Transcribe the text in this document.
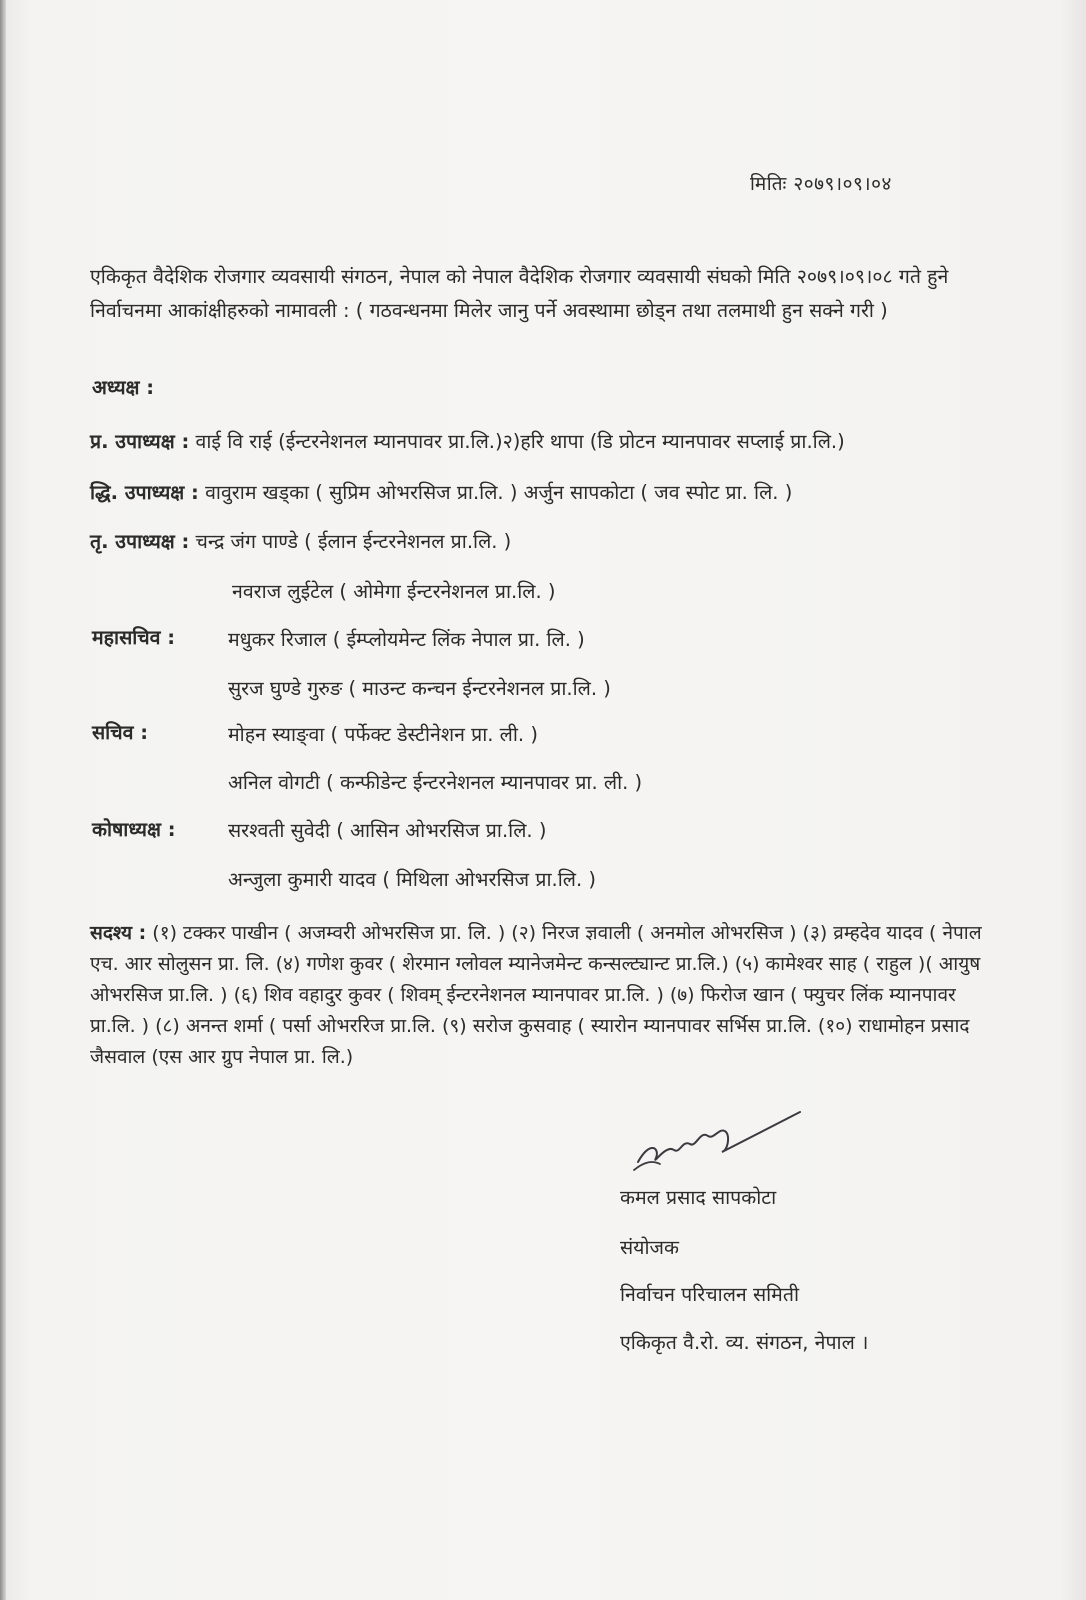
मितिः २०७९।०९।०४
एकिकृत वैदेशिक रोजगार व्यवसायी संगठन, नेपाल को नेपाल वैदेशिक रोजगार व्यवसायी संघको मिति २०७९।०९।०८ गते हुने निर्वाचनमा आकांक्षीहरुको नामावली : ( गठवन्धनमा मिलेर जानु पर्ने अवस्थामा छोड्न तथा तलमाथी हुन सक्ने गरी )
अध्यक्ष :
प्र. उपाध्यक्ष : वाई वि राई (ईन्टरनेशनल म्यानपावर प्रा.लि.)२)हरि थापा (डि प्रोटन म्यानपावर सप्लाई प्रा.लि.)
द्धि. उपाध्यक्ष : वावुराम खड्का ( सुप्रिम ओभरसिज प्रा.लि. ) अर्जुन सापकोटा ( जव स्पोट प्रा. लि. )
तृ. उपाध्यक्ष : चन्द्र जंग पाण्डे ( ईलान ईन्टरनेशनल प्रा.लि. )
नवराज लुईटेल ( ओमेगा ईन्टरनेशनल प्रा.लि. )
महासचिव :	मधुकर रिजाल ( ईम्प्लोयमेन्ट लिंक नेपाल प्रा. लि. )
सुरज घुण्डे गुरुङ ( माउन्ट कन्चन ईन्टरनेशनल प्रा.लि. )
सचिव :	मोहन स्याङ्वा ( पर्फेक्ट डेस्टीनेशन प्रा. ली. )
अनिल वोगटी ( कन्फीडेन्ट ईन्टरनेशनल म्यानपावर प्रा. ली. )
कोषाध्यक्ष :	सरश्वती सुवेदी ( आसिन ओभरसिज प्रा.लि. )
अन्जुला कुमारी यादव ( मिथिला ओभरसिज प्रा.लि. )
सदश्य : (१) टक्कर पाखीन ( अजम्वरी ओभरसिज प्रा. लि. ) (२) निरज ज्ञवाली ( अनमोल ओभरसिज ) (३) व्रम्हदेव यादव ( नेपाल एच. आर सोलुसन प्रा. लि. (४) गणेश कुवर ( शेरमान ग्लोवल म्यानेजमेन्ट कन्सल्ट्यान्ट प्रा.लि.) (५) कामेश्वर साह ( राहुल )( आयुष ओभरसिज प्रा.लि. ) (६) शिव वहादुर कुवर ( शिवम् ईन्टरनेशनल म्यानपावर प्रा.लि. ) (७) फिरोज खान ( फ्युचर लिंक म्यानपावर प्रा.लि. ) (८) अनन्त शर्मा ( पर्सा ओभररिज प्रा.लि. (९) सरोज कुसवाह ( स्यारोन म्यानपावर सर्भिस प्रा.लि. (१०) राधामोहन प्रसाद जैसवाल (एस आर ग्रुप नेपाल प्रा. लि.)
कमल प्रसाद सापकोटा
संयोजक
निर्वाचन परिचालन समिती
एकिकृत वै.रो. व्य. संगठन, नेपाल ।
